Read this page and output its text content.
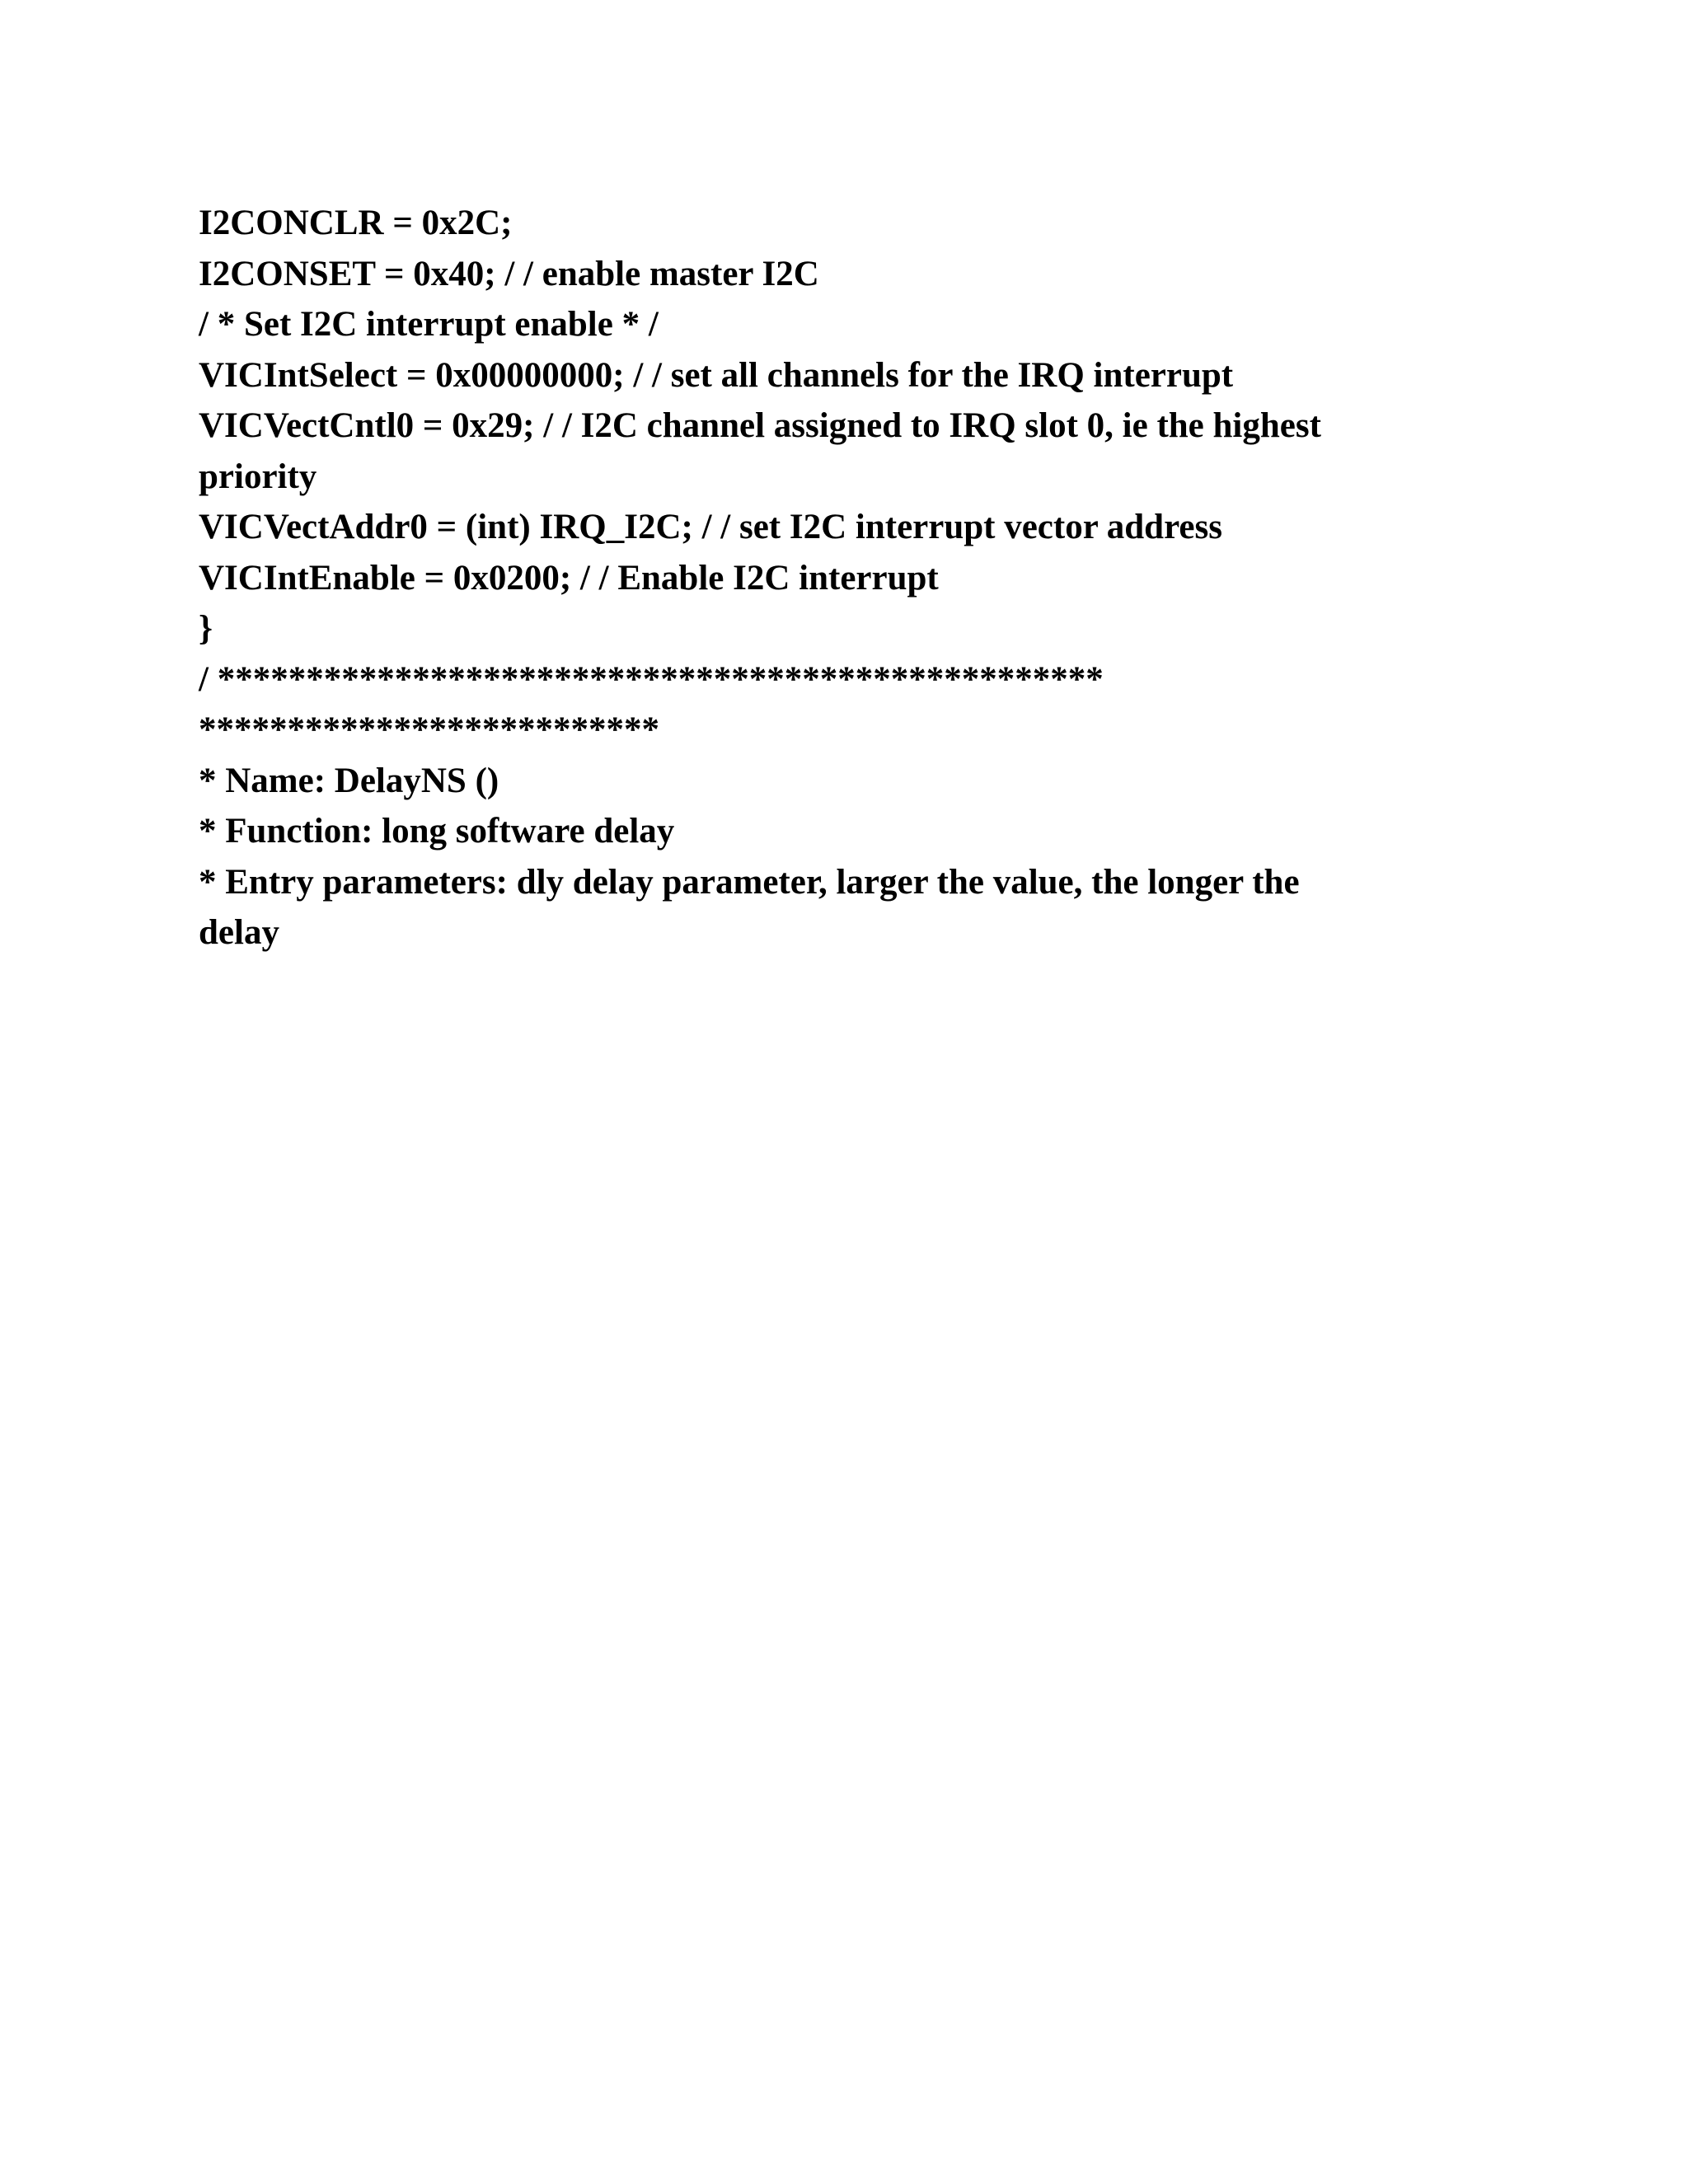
I2CONCLR = 0x2C;
I2CONSET = 0x40; / / enable master I2C
/ * Set I2C interrupt enable * /
VICIntSelect = 0x00000000; / / set all channels for the IRQ interrupt
VICVectCntl0 = 0x29; / / I2C channel assigned to IRQ slot 0, ie the highest
priority
VICVectAddr0 = (int) IRQ_I2C; / / set I2C interrupt vector address
VICIntEnable = 0x0200; / / Enable I2C interrupt
}
/ **************************************************
**************************
* Name: DelayNS ()
* Function: long software delay
* Entry parameters: dly delay parameter, larger the value, the longer the
delay
